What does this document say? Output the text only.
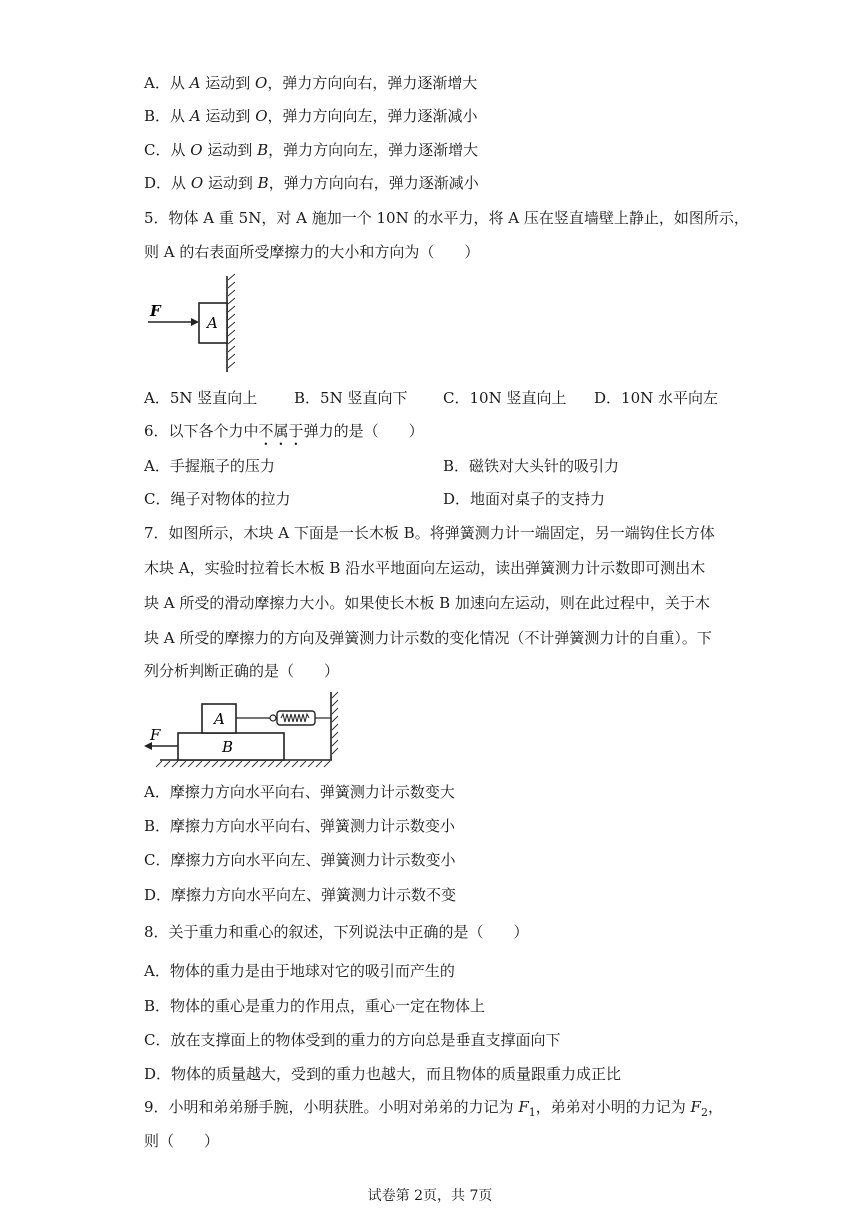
A．从 A 运动到 O，弹力方向向右，弹力逐渐增大
B．从 A 运动到 O，弹力方向向左，弹力逐渐减小
C．从 O 运动到 B，弹力方向向左，弹力逐渐增大
D．从 O 运动到 B，弹力方向向右，弹力逐渐减小
5．物体 A 重 5N，对 A 施加一个 10N 的水平力，将 A 压在竖直墙壁上静止，如图所示，
则 A 的右表面所受摩擦力的大小和方向为（　　）
F
A
A．5N 竖直向上 B．5N 竖直向下 C．10N 竖直向上 D．10N 水平向左
6．以下各个力中不属于弹力的是（　　）
A．手握瓶子的压力	B．磁铁对大头针的吸引力
C．绳子对物体的拉力	D．地面对桌子的支持力
7．如图所示，木块 A 下面是一长木板 B。将弹簧测力计一端固定，另一端钩住长方体
木块 A，实验时拉着长木板 B 沿水平地面向左运动，读出弹簧测力计示数即可测出木
块 A 所受的滑动摩擦力大小。如果使长木板 B 加速向左运动，则在此过程中，关于木
块 A 所受的摩擦力的方向及弹簧测力计示数的变化情况（不计弹簧测力计的自重）。下
列分析判断正确的是（　　）
F
A
B
A．摩擦力方向水平向右、弹簧测力计示数变大
B．摩擦力方向水平向右、弹簧测力计示数变小
C．摩擦力方向水平向左、弹簧测力计示数变小
D．摩擦力方向水平向左、弹簧测力计示数不变
8．关于重力和重心的叙述，下列说法中正确的是（　　）
A．物体的重力是由于地球对它的吸引而产生的
B．物体的重心是重力的作用点，重心一定在物体上
C．放在支撑面上的物体受到的重力的方向总是垂直支撑面向下
D．物体的质量越大，受到的重力也越大，而且物体的质量跟重力成正比
9．小明和弟弟掰手腕，小明获胜。小明对弟弟的力记为 $F_1$，弟弟对小明的力记为 $F_2$，
则（　　）
试卷第 2页，共 7页
